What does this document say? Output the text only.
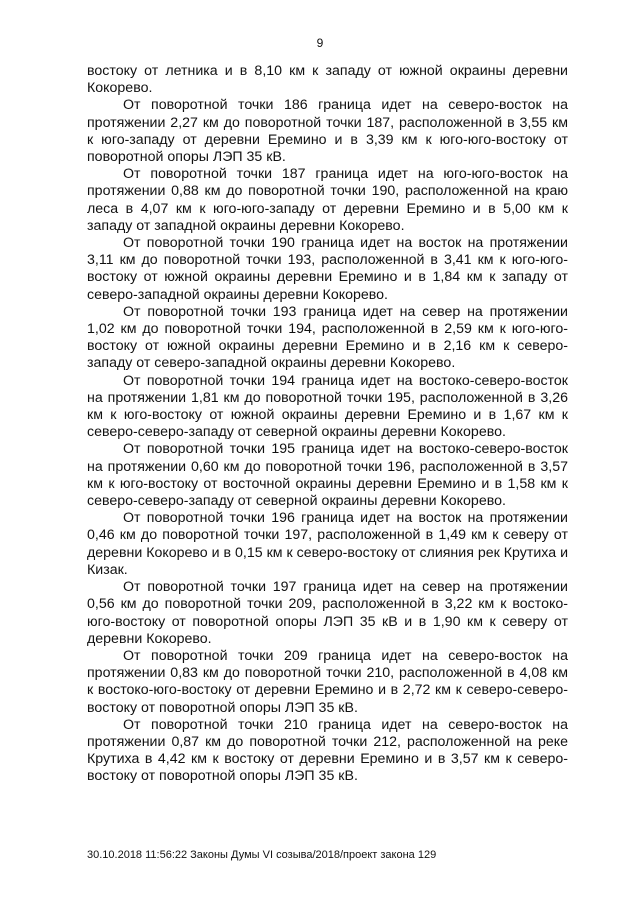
9

востоку от летника и в 8,10 км к западу от южной окраины деревни Кокорево.

От поворотной точки 186 граница идет на северо-восток на протяжении 2,27 км до поворотной точки 187, расположенной в 3,55 км к юго-западу от деревни Еремино и в 3,39 км к юго-юго-востоку от поворотной опоры ЛЭП 35 кВ.

От поворотной точки 187 граница идет на юго-юго-восток на протяжении 0,88 км до поворотной точки 190, расположенной на краю леса в 4,07 км к юго-юго-западу от деревни Еремино и в 5,00 км к западу от западной окраины деревни Кокорево.

От поворотной точки 190 граница идет на восток на протяжении 3,11 км до поворотной точки 193, расположенной в 3,41 км к юго-юго-востоку от южной окраины деревни Еремино и в 1,84 км к западу от северо-западной окраины деревни Кокорево.

От поворотной точки 193 граница идет на север на протяжении 1,02 км до поворотной точки 194, расположенной в 2,59 км к юго-юго-востоку от южной окраины деревни Еремино и в 2,16 км к северо-западу от северо-западной окраины деревни Кокорево.

От поворотной точки 194 граница идет на востоко-северо-восток на протяжении 1,81 км до поворотной точки 195, расположенной в 3,26 км к юго-востоку от южной окраины деревни Еремино и в 1,67 км к северо-северо-западу от северной окраины деревни Кокорево.

От поворотной точки 195 граница идет на востоко-северо-восток на протяжении 0,60 км до поворотной точки 196, расположенной в 3,57 км к юго-востоку от восточной окраины деревни Еремино и в 1,58 км к северо-северо-западу от северной окраины деревни Кокорево.

От поворотной точки 196 граница идет на восток на протяжении 0,46 км до поворотной точки 197, расположенной в 1,49 км к северу от деревни Кокорево и в 0,15 км к северо-востоку от слияния рек Крутиха и Кизак.

От поворотной точки 197 граница идет на север на протяжении 0,56 км до поворотной точки 209, расположенной в 3,22 км к востоко-юго-востоку от поворотной опоры ЛЭП 35 кВ и в 1,90 км к северу от деревни Кокорево.

От поворотной точки 209 граница идет на северо-восток на протяжении 0,83 км до поворотной точки 210, расположенной в 4,08 км к востоко-юго-востоку от деревни Еремино и в 2,72 км к северо-северо-востоку от поворотной опоры ЛЭП 35 кВ.

От поворотной точки 210 граница идет на северо-восток на протяжении 0,87 км до поворотной точки 212, расположенной на реке Крутиха в 4,42 км к востоку от деревни Еремино и в 3,57 км к северо-востоку от поворотной опоры ЛЭП 35 кВ.

30.10.2018 11:56:22 Законы Думы VI созыва/2018/проект закона 129
